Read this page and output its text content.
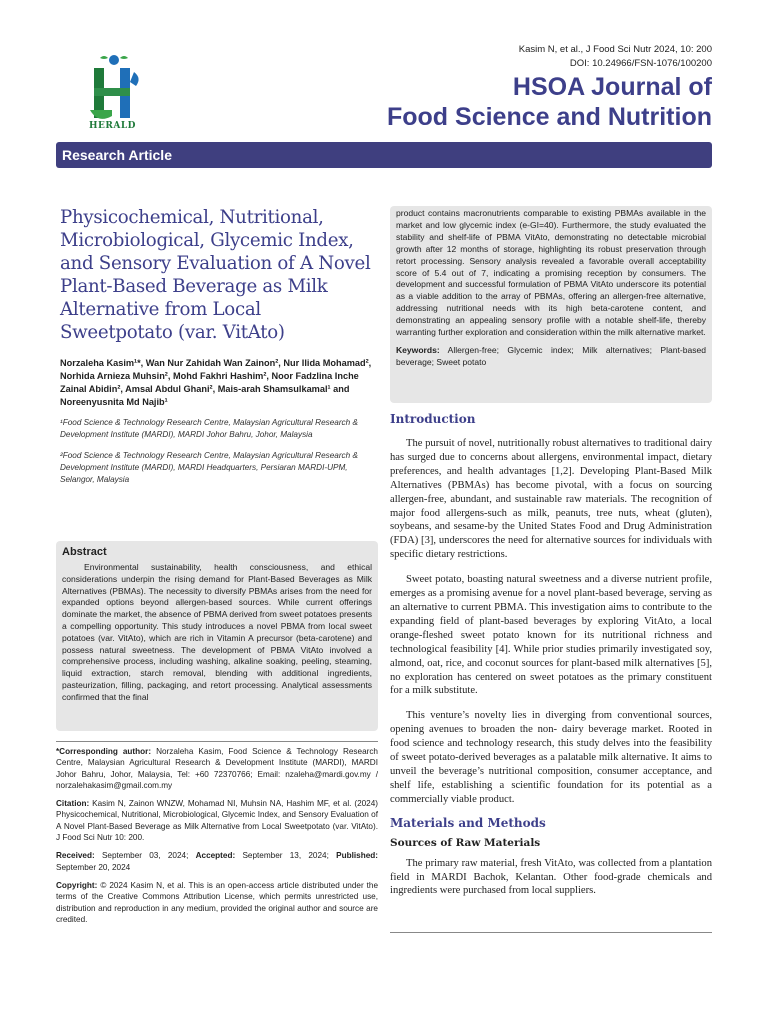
Kasim N, et al., J Food Sci Nutr 2024, 10: 200
DOI: 10.24966/FSN-1076/100200
HERALD
HSOA Journal of
Food Science and Nutrition
Research Article
Physicochemical, Nutritional, Microbiological, Glycemic Index, and Sensory Evaluation of A Novel Plant-Based Beverage as Milk Alternative from Local Sweetpotato (var. VitAto)
Norzaleha Kasim¹*, Wan Nur Zahidah Wan Zainon², Nur Ilida Mohamad², Norhida Arnieza Muhsin², Mohd Fakhri Hashim², Noor Fadzlina Inche Zainal Abidin², Amsal Abdul Ghani², Mais-arah Shamsulkamal¹ and Noreenyusnita Md Najib¹
¹Food Science & Technology Research Centre, Malaysian Agricultural Research & Development Institute (MARDI), MARDI Johor Bahru, Johor, Malaysia
²Food Science & Technology Research Centre, Malaysian Agricultural Research & Development Institute (MARDI), MARDI Headquarters, Persiaran MARDI-UPM, Selangor, Malaysia
Abstract

Environmental sustainability, health consciousness, and ethical considerations underpin the rising demand for Plant-Based Beverages as Milk Alternatives (PBMAs). The necessity to diversify PBMAs arises from the need for expanded options beyond allergen-based sources. While current offerings dominate the market, the absence of PBMA derived from sweet potatoes presents a compelling opportunity. This study introduces a novel PBMA from local sweet potatoes (var. VitAto), which are rich in Vitamin A precursor (beta-carotene) and possess natural sweetness. The development of PBMA VitAto involved a comprehensive process, including washing, alkaline soaking, peeling, steaming, liquid extraction, starch removal, blending with additional ingredients, pasteurization, filling, packaging, and retort processing. Analytical assessments confirmed that the final

*Corresponding author: Norzaleha Kasim, Food Science & Technology Research Centre, Malaysian Agricultural Research & Development Institute (MARDI), MARDI Johor Bahru, Johor, Malaysia, Tel: +60 72370766; Email: nzaleha@mardi.gov.my / norzalehakasim@gmail.com.my

Citation: Kasim N, Zainon WNZW, Mohamad NI, Muhsin NA, Hashim MF, et al. (2024) Physicochemical, Nutritional, Microbiological, Glycemic Index, and Sensory Evaluation of A Novel Plant-Based Beverage as Milk Alternative from Local Sweetpotato (var. VitAto). J Food Sci Nutr 10: 200.

Received: September 03, 2024; Accepted: September 13, 2024; Published: September 20, 2024

Copyright: © 2024 Kasim N, et al. This is an open-access article distributed under the terms of the Creative Commons Attribution License, which permits unrestricted use, distribution and reproduction in any medium, provided the original author and source are credited.

product contains macronutrients comparable to existing PBMAs available in the market and low glycemic index (e-GI=40). Furthermore, the study evaluated the stability and shelf-life of PBMA VitAto, demonstrating no detectable microbial growth after 12 months of storage, highlighting its robust preservation through retort processing. Sensory analysis revealed a favorable overall acceptability score of 5.4 out of 7, indicating a promising reception by consumers. The development and successful formulation of PBMA VitAto underscore its potential as a viable addition to the array of PBMAs, offering an allergen-free alternative, addressing nutritional needs with its high beta-carotene content, and demonstrating an appealing sensory profile with a notable shelf-life, thereby warranting further exploration and consideration within the milk alternative market.

Keywords: Allergen-free; Glycemic index; Milk alternatives; Plant-based beverage; Sweet potato

Introduction

The pursuit of novel, nutritionally robust alternatives to traditional dairy has surged due to concerns about allergens, environmental impact, dietary preferences, and health advantages [1,2]. Developing Plant-Based Milk Alternatives (PBMAs) has become pivotal, with a focus on sourcing allergen-free, abundant, and sustainable raw materials. The recognition of major food allergens-such as milk, peanuts, tree nuts, wheat (gluten), soybeans, and sesame-by the United States Food and Drug Administration (FDA) [3], underscores the need for alternative sources for individuals with specific dietary restrictions.

Sweet potato, boasting natural sweetness and a diverse nutrient profile, emerges as a promising avenue for a novel plant-based beverage, serving as an alternative to current PBMA. This investigation aims to contribute to the expanding field of plant-based beverages by exploring VitAto, a local orange-fleshed sweet potato known for its nutritional richness and technological feasibility [4]. While prior studies primarily investigated soy, almond, oat, rice, and coconut sources for plant-based milk alternatives [5], no exploration has centered on sweet potatoes as the primary constituent for a milk substitute.

This venture’s novelty lies in diverging from conventional sources, opening avenues to broaden the non- dairy beverage market. Rooted in food science and technology research, this study delves into the feasibility of sweet potato-derived beverages as a palatable milk alternative. It aims to unveil the beverage’s nutritional composition, consumer acceptance, and shelf life, establishing a scientific foundation for its potential as a commercially viable product.

Materials and Methods
Sources of Raw Materials

The primary raw material, fresh VitAto, was collected from a plantation field in MARDI Bachok, Kelantan. Other food-grade chemicals and ingredients were purchased from local suppliers.
